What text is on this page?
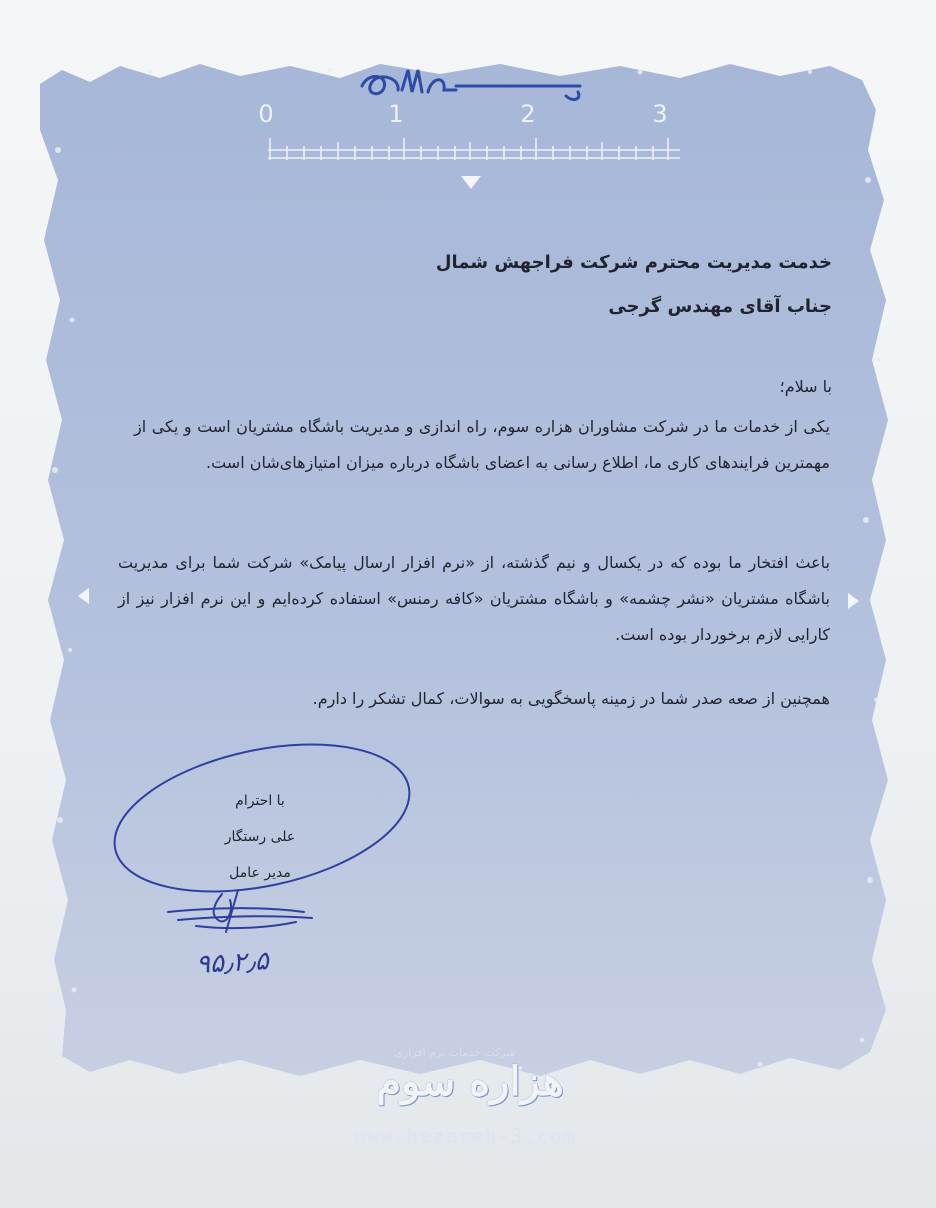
0	1	2	3
خدمت مدیریت محترم شرکت فراجهش شمال
جناب آقای مهندس گرجی
با سلام؛
یکی از خدمات ما در شرکت مشاوران هزاره سوم، راه اندازی و مدیریت باشگاه مشتریان است و یکی از مهمترین فرایندهای کاری ما، اطلاع رسانی به اعضای باشگاه درباره میزان امتیازهای‌شان است.
باعث افتخار ما بوده که در یکسال و نیم گذشته، از «نرم افزار ارسال پیامک» شرکت شما برای مدیریت باشگاه مشتریان «نشر چشمه» و باشگاه مشتریان «کافه رمنس» استفاده کرده‌ایم و این نرم افزار نیز از کارایی لازم برخوردار بوده است.
همچنین از صعه صدر شما در زمینه پاسخگویی به سوالات، کمال تشکر را دارم.
با احترام
علی رستگار
مدیر عامل
۹۵٫۲٫۵
شرکت خدمات نرم افزاری
هزاره سوم
www.hezareh-3.com
